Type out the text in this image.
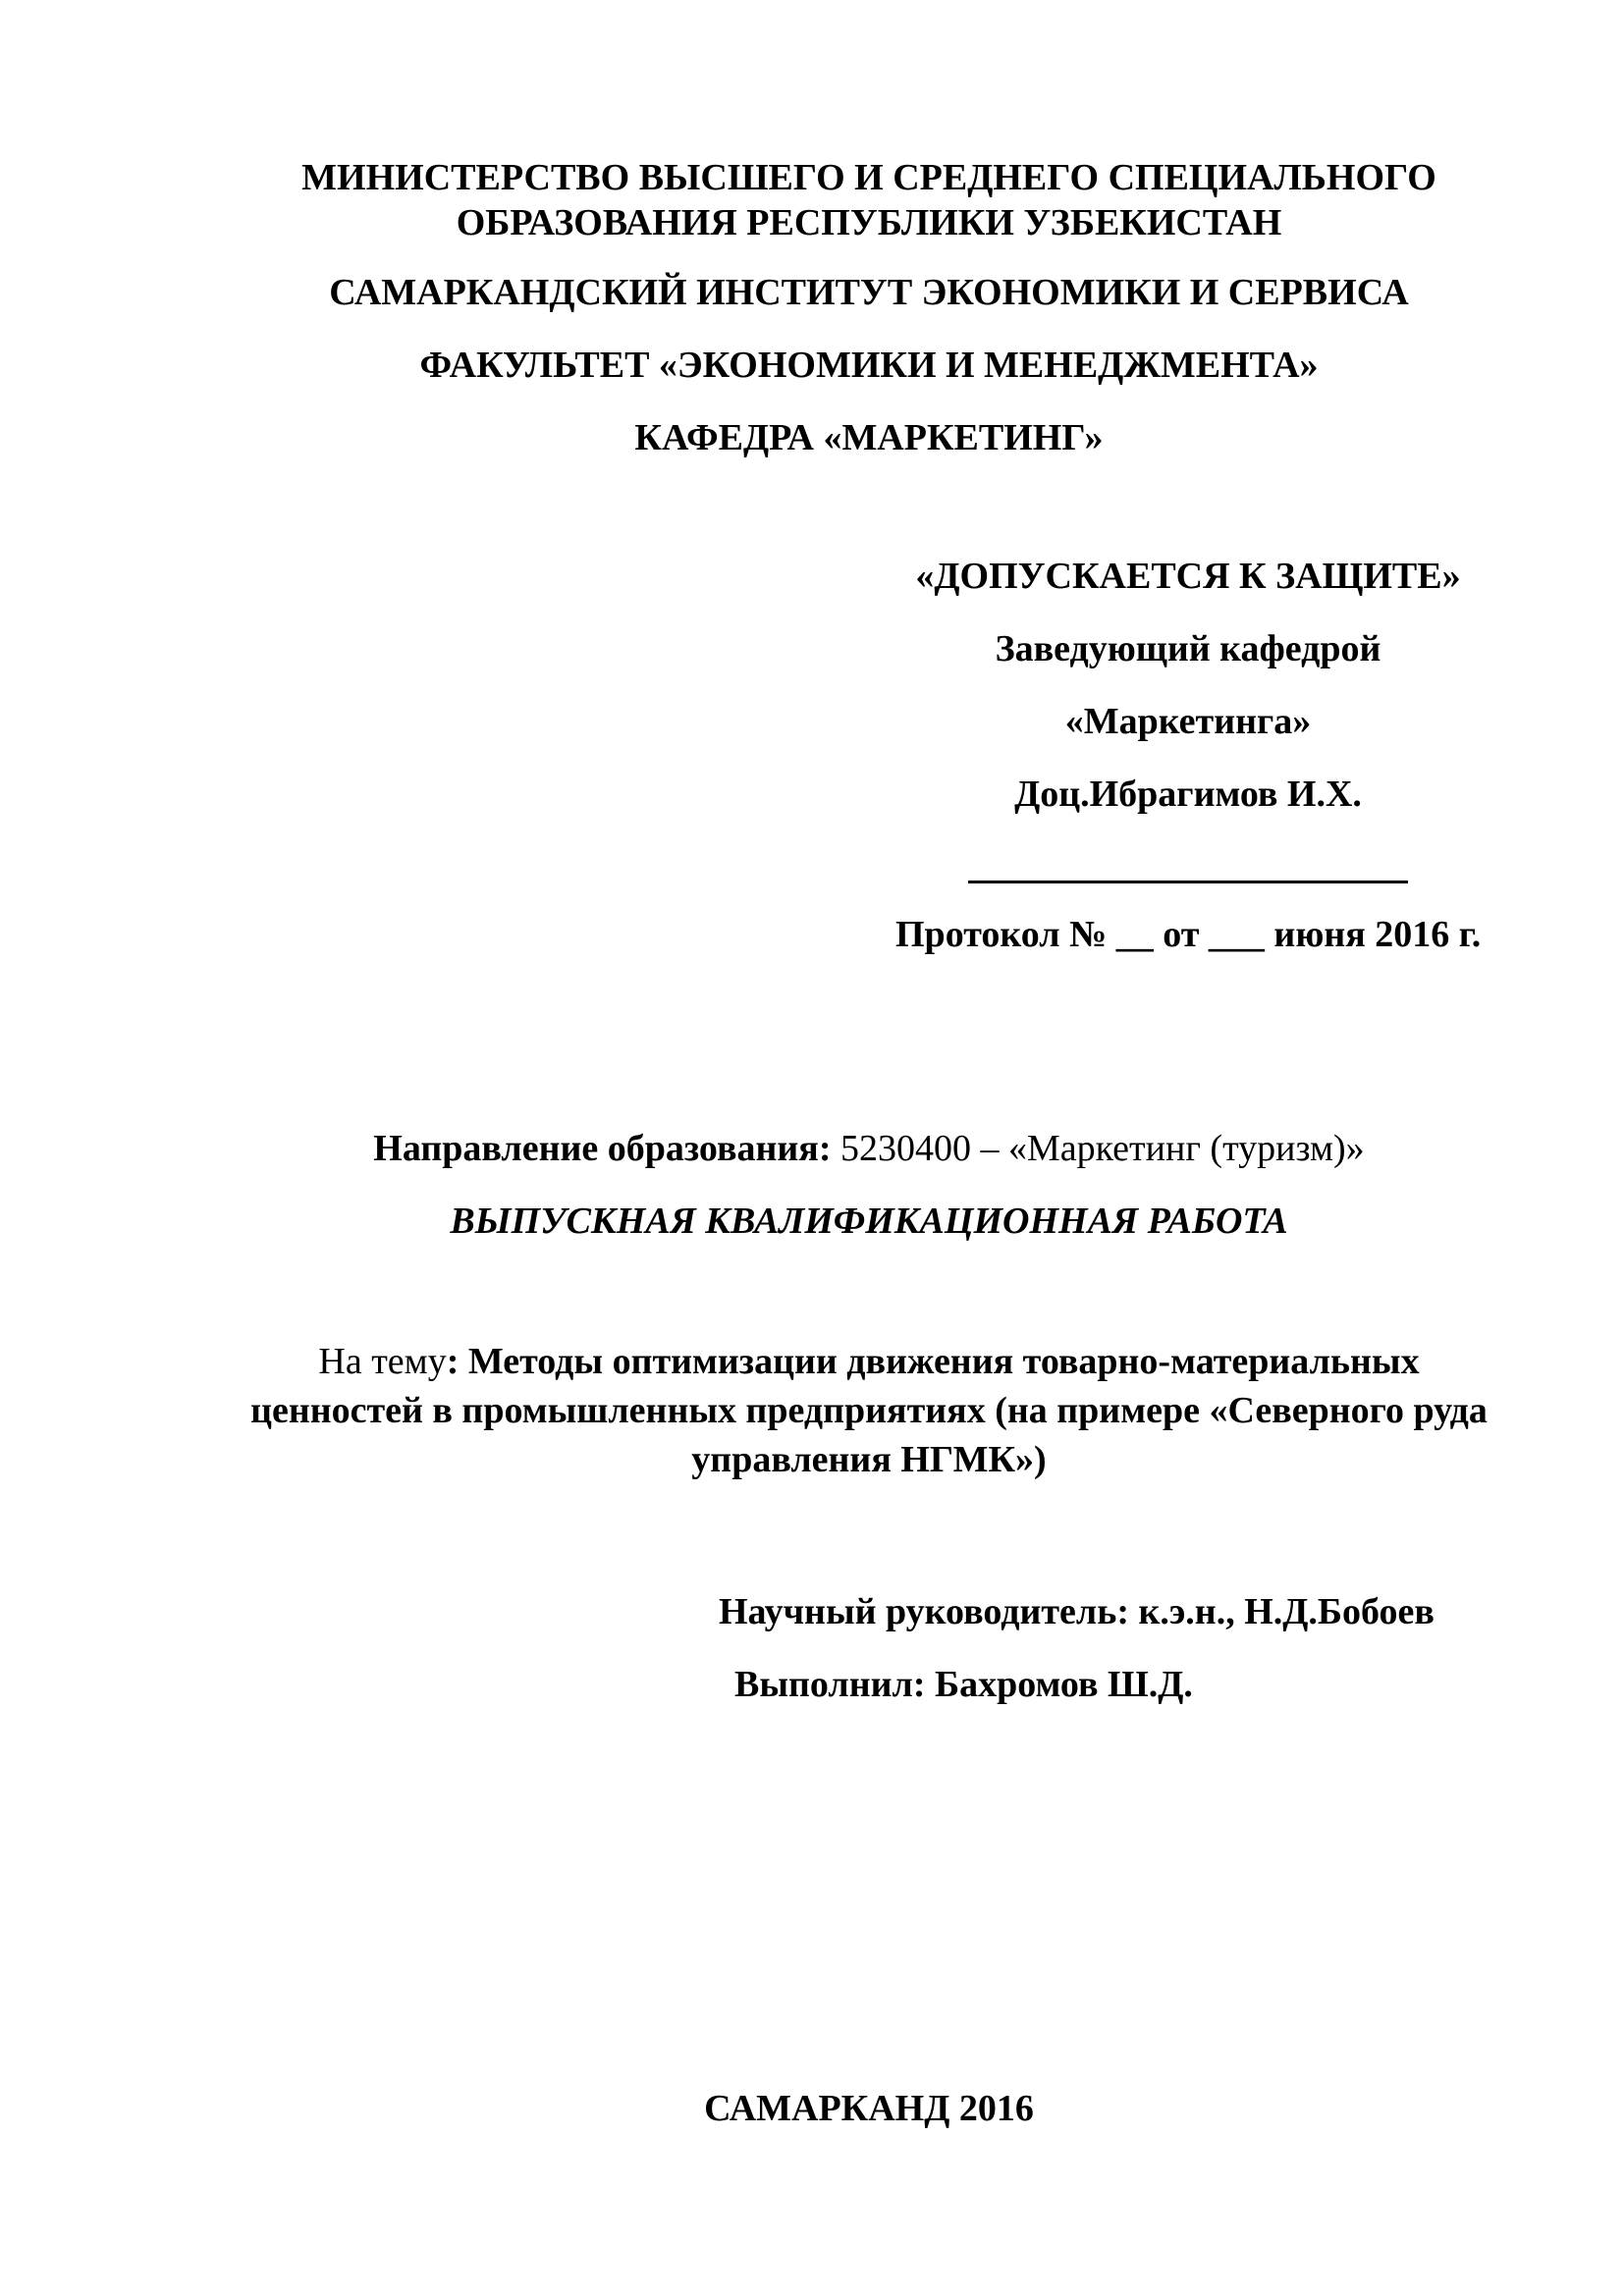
МИНИСТЕРСТВО ВЫСШЕГО И СРЕДНЕГО СПЕЦИАЛЬНОГО
ОБРАЗОВАНИЯ РЕСПУБЛИКИ УЗБЕКИСТАН
САМАРКАНДСКИЙ ИНСТИТУТ ЭКОНОМИКИ И СЕРВИСА
ФАКУЛЬТЕТ «ЭКОНОМИКИ И МЕНЕДЖМЕНТА»
КАФЕДРА «МАРКЕТИНГ»
«ДОПУСКАЕТСЯ К ЗАЩИТЕ»
Заведующий кафедрой
«Маркетинга»
Доц.Ибрагимов И.Х.
Протокол № __ от ___ июня 2016 г.
Направление образования: 5230400 – «Маркетинг (туризм)»
ВЫПУСКНАЯ КВАЛИФИКАЦИОННАЯ РАБОТА
На тему: Методы оптимизации движения товарно-материальных
ценностей в промышленных предприятиях (на примере «Северного руда
управления НГМК»)
Научный руководитель: к.э.н., Н.Д.Бобоев
Выполнил: Бахромов Ш.Д.
САМАРКАНД 2016
